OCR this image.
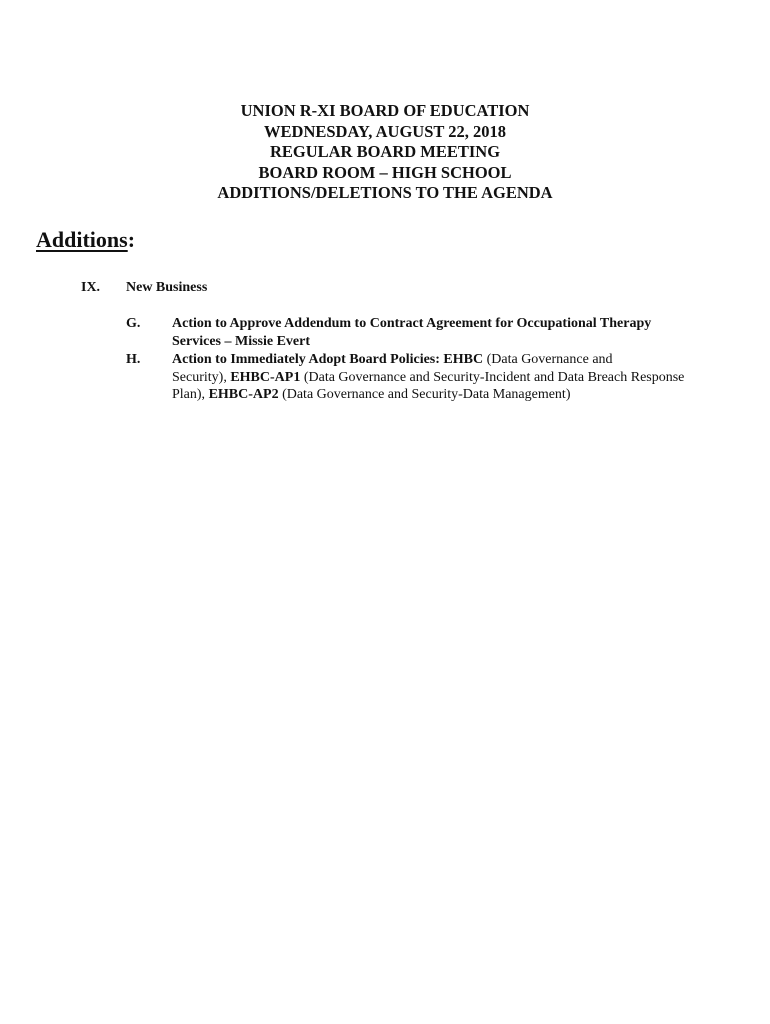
UNION R-XI BOARD OF EDUCATION
WEDNESDAY, AUGUST 22, 2018
REGULAR BOARD MEETING
BOARD ROOM – HIGH SCHOOL
ADDITIONS/DELETIONS TO THE AGENDA
Additions:
IX. New Business
G. Action to Approve Addendum to Contract Agreement for Occupational Therapy
Services – Missie Evert
H. Action to Immediately Adopt Board Policies: EHBC (Data Governance and
Security), EHBC-AP1 (Data Governance and Security-Incident and Data Breach Response
Plan), EHBC-AP2 (Data Governance and Security-Data Management)
